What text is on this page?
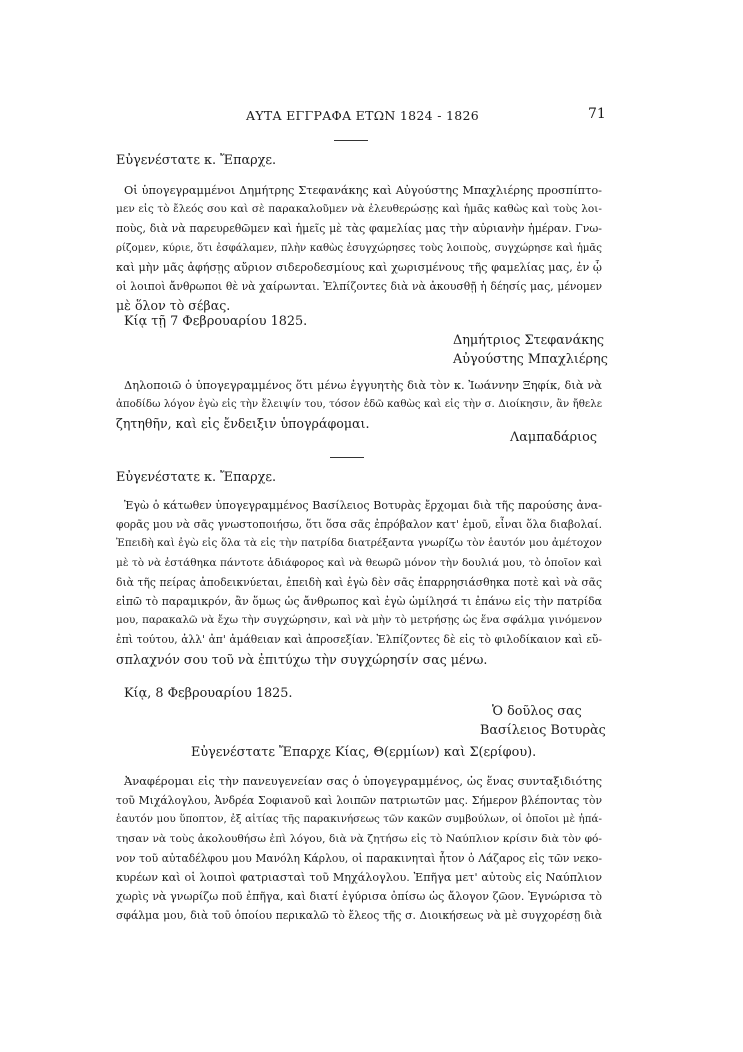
ΑΥΤΑ ΕΓΓΡΑΦΑ ΕΤΩΝ 1824 - 1826	71
Εὐγενέστατε κ. Ἔπαρχε.
Οἱ ὑπογεγραμμένοι Δημήτρης Στεφανάκης καὶ Αὐγούστης Μπαχλιέρης προσπίπτο-
μεν εἰς τὸ ἔλεός σου καὶ σὲ παρακαλοῦμεν νὰ ἐλευθερώσῃς καὶ ἡμᾶς καθὼς καὶ τοὺς λοι-
ποὺς, διὰ νὰ παρευρεθῶμεν καὶ ἡμεῖς μὲ τὰς φαμελίας μας τὴν αὐριανὴν ἡμέραν. Γνω-
ρίζομεν, κύριε, ὅτι ἐσφάλαμεν, πλὴν καθὼς ἐσυγχώρησες τοὺς λοιποὺς, συγχώρησε καὶ ἡμᾶς
καὶ μὴν μᾶς ἀφήσῃς αὔριον σιδεροδεσμίους καὶ χωρισμένους τῆς φαμελίας μας, ἐν ᾧ
οἱ λοιποὶ ἄνθρωποι θὲ νὰ χαίρωνται. Ἐλπίζοντες διὰ νὰ ἀκουσθῇ ἡ δέησίς μας, μένομεν
μὲ ὅλον τὸ σέβας.
Κίᾳ τῇ 7 Φεβρουαρίου 1825.
Δημήτριος Στεφανάκης
Αὐγούστης Μπαχλιέρης
Δηλοποιῶ ὁ ὑπογεγραμμένος ὅτι μένω ἐγγυητὴς διὰ τὸν κ. Ἰωάννην Ξηφίκ, διὰ νὰ
ἀποδίδω λόγον ἐγὼ εἰς τὴν ἔλειψίν του, τόσον ἐδῶ καθὼς καὶ εἰς τὴν σ. Διοίκησιν, ἂν ἤθελε
ζητηθῆν, καὶ εἰς ἔνδειξιν ὑπογράφομαι.
Λαμπαδάριος
Εὐγενέστατε κ. Ἔπαρχε.
Ἐγὼ ὁ κάτωθεν ὑπογεγραμμένος Βασίλειος Βοτυρὰς ἔρχομαι διὰ τῆς παρούσης ἀνα-
φορᾶς μου νὰ σᾶς γνωστοποιήσω, ὅτι ὅσα σᾶς ἐπρόβαλον κατ' ἐμοῦ, εἶναι ὅλα διαβολαί.
Ἐπειδὴ καὶ ἐγὼ εἰς ὅλα τὰ εἰς τὴν πατρίδα διατρέξαντα γνωρίζω τὸν ἑαυτόν μου ἀμέτοχον
μὲ τὸ νὰ ἐστάθηκα πάντοτε ἀδιάφορος καὶ νὰ θεωρῶ μόνον τὴν δουλιά μου, τὸ ὁποῖον καὶ
διὰ τῆς πείρας ἀποδεικνύεται, ἐπειδὴ καὶ ἐγὼ δὲν σᾶς ἐπαρρησιάσθηκα ποτὲ καὶ νὰ σᾶς
εἰπῶ τὸ παραμικρόν, ἂν ὅμως ὡς ἄνθρωπος καὶ ἐγὼ ὡμίλησά τι ἐπάνω εἰς τὴν πατρίδα
μου, παρακαλῶ νὰ ἔχω τὴν συγχώρησιν, καὶ νὰ μὴν τὸ μετρήσῃς ὡς ἕνα σφάλμα γινόμενον
ἐπὶ τούτου, ἀλλ' ἀπ' ἀμάθειαν καὶ ἀπροσεξίαν. Ἐλπίζοντες δὲ εἰς τὸ φιλοδίκαιον καὶ εὔ-
σπλαχνόν σου τοῦ νὰ ἐπιτύχω τὴν συγχώρησίν σας μένω.
Κίᾳ, 8 Φεβρουαρίου 1825.
Ὁ δοῦλος σας
Βασίλειος Βοτυρὰς
Εὐγενέστατε Ἔπαρχε Κίας, Θ(ερμίων) καὶ Σ(ερίφου).
Ἀναφέρομαι εἰς τὴν πανευγενείαν σας ὁ ὑπογεγραμμένος, ὡς ἕνας συνταξιδιότης
τοῦ Μιχάλογλου, Ἀνδρέα Σοφιανοῦ καὶ λοιπῶν πατριωτῶν μας. Σήμερον βλέποντας τὸν
ἑαυτόν μου ὕποπτον, ἐξ αἰτίας τῆς παρακινήσεως τῶν κακῶν συμβούλων, οἱ ὁποῖοι μὲ ἠπά-
τησαν νὰ τοὺς ἀκολουθήσω ἐπὶ λόγου, διὰ νὰ ζητήσω εἰς τὸ Ναύπλιον κρίσιν διὰ τὸν φό-
νον τοῦ αὐταδέλφου μου Μανόλη Κάρλου, οἱ παρακινηταὶ ἦτον ὁ Λάζαρος εἰς τῶν νεκο-
κυρέων καὶ οἱ λοιποὶ φατριασταὶ τοῦ Μηχάλογλου. Ἐπῆγα μετ' αὐτοὺς εἰς Ναύπλιον
χωρὶς νὰ γνωρίζω ποῦ ἐπῆγα, καὶ διατί ἐγύρισα ὀπίσω ὡς ἄλογον ζῶον. Ἐγνώρισα τὸ
σφάλμα μου, διὰ τοῦ ὁποίου περικαλῶ τὸ ἔλεος τῆς σ. Διοικήσεως νὰ μὲ συγχορέσῃ διὰ
